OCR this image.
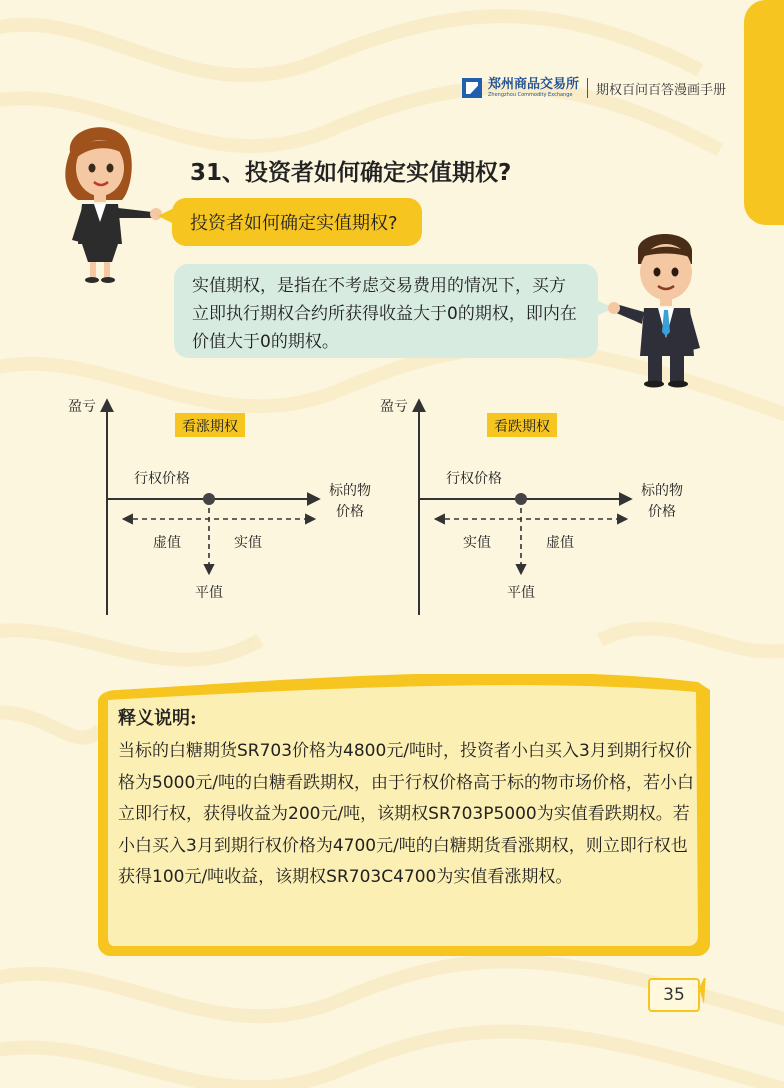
郑州商品交易所
Zhengzhou Commodity Exchange	期权百问百答漫画手册
31、投资者如何确定实值期权?
投资者如何确定实值期权?

实值期权，是指在不考虑交易费用的情况下，买方立即执行期权合约所获得收益大于0的期权，即内在价值大于0的期权。

看涨期权
盈亏
行权价格
标的物
价格
虚值	实值
平值
看跌期权
盈亏
行权价格
标的物
价格
实值	虚值
平值
释义说明:

当标的白糖期货SR703价格为4800元/吨时，投资者小白买入3月到期行权价格为5000元/吨的白糖看跌期权，由于行权价格高于标的物市场价格，若小白立即行权，获得收益为200元/吨，该期权SR703P5000为实值看跌期权。若小白买入3月到期行权价格为4700元/吨的白糖期货看涨期权，则立即行权也获得100元/吨收益，该期权SR703C4700为实值看涨期权。

35
